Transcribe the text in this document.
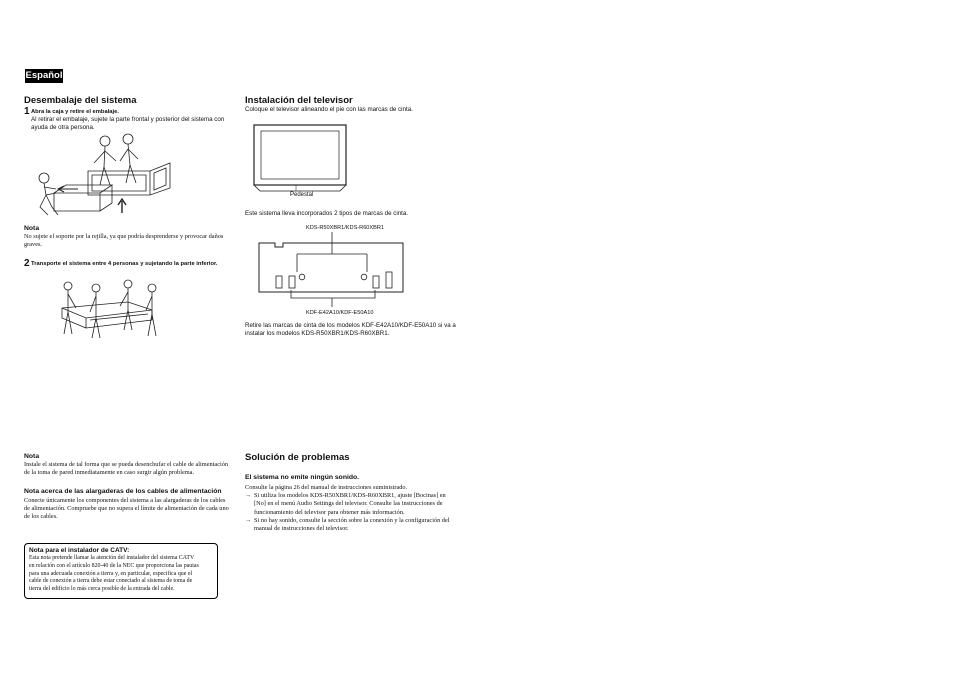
Español
Desembalaje del sistema
1 Abra la caja y retire el embalaje.
Al retirar el embalaje, sujete la parte frontal y posterior del sistema con
ayuda de otra persona.
Nota
No sujete el soporte por la rejilla, ya que podría desprenderse y provocar daños
graves.
2 Transporte el sistema entre 4 personas y sujetando la parte inferior.
Nota
Instale el sistema de tal forma que se pueda desenchufar el cable de alimentación
de la toma de pared inmediatamente en caso surgir algún problema.
Nota acerca de las alargaderas de los cables de alimentación
Conecte únicamente los componentes del sistema a las alargaderas de los cables
de alimentación. Compruebe que no supera el límite de alimentación de cada uno
de los cables.
Nota para el instalador de CATV:
Esta nota pretende llamar la atención del instalador del sistema CATV
en relación con el artículo 820-40 de la NEC que proporciona las pautas
para una adecuada conexión a tierra y, en particular, especifica que el
cable de conexión a tierra debe estar conectado al sistema de toma de
tierra del edificio lo más cerca posible de la entrada del cable.
Instalación del televisor
Coloque el televisor alineando el pie con las marcas de cinta.
Pedestal
Este sistema lleva incorporados 2 tipos de marcas de cinta.
KDS-R50XBR1/KDS-R60XBR1
KDF-E42A10/KDF-E50A10
Retire las marcas de cinta de los modelos KDF-E42A10/KDF-E50A10 si va a
instalar los modelos KDS-R50XBR1/KDS-R60XBR1.
Solución de problemas
El sistema no emite ningún sonido.
Consulte la página 26 del manual de instrucciones suministrado.
→ Si utiliza los modelos KDS-R50XBR1/KDS-R60XBR1, ajuste [Bocinas] en
[No] en el menú Audio Settings del televisor. Consulte las instrucciones de
funcionamiento del televisor para obtener más información.
→ Si no hay sonido, consulte la sección sobre la conexión y la configuración del
manual de instrucciones del televisor.
